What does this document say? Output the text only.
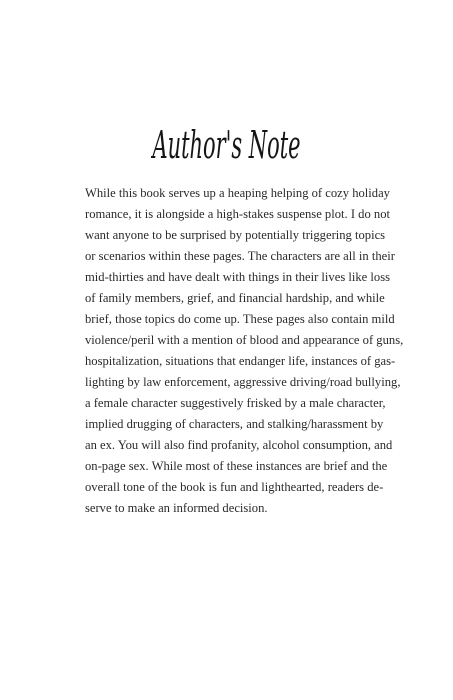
Author's Note
While this book serves up a heaping helping of cozy holiday
romance, it is alongside a high-stakes suspense plot. I do not
want anyone to be surprised by potentially triggering topics
or scenarios within these pages. The characters are all in their
mid-thirties and have dealt with things in their lives like loss
of family members, grief, and financial hardship, and while
brief, those topics do come up. These pages also contain mild
violence/peril with a mention of blood and appearance of guns,
hospitalization, situations that endanger life, instances of gas-
lighting by law enforcement, aggressive driving/road bullying,
a female character suggestively frisked by a male character,
implied drugging of characters, and stalking/harassment by
an ex. You will also find profanity, alcohol consumption, and
on-page sex. While most of these instances are brief and the
overall tone of the book is fun and lighthearted, readers de-
serve to make an informed decision.
